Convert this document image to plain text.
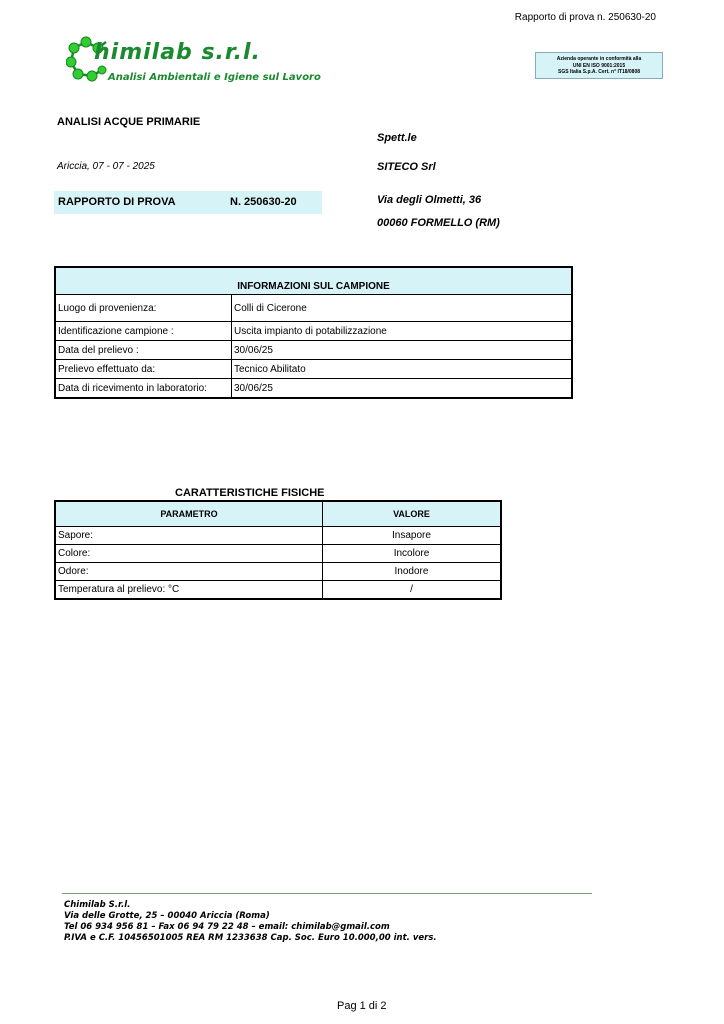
Rapporto di prova n. 250630-20
himilab s.r.l.
Analisi Ambientali e Igiene sul Lavoro
Azienda operante in conformità alla
UNI EN ISO 9001:2015
SGS Italia S.p.A. Cert. n° IT18/0808
ANALISI ACQUE PRIMARIE
Spett.le
Ariccia, 07 - 07 - 2025	SITECO Srl
RAPPORTO DI PROVA	N. 250630-20	Via degli Olmetti, 36
00060 FORMELLO (RM)
INFORMAZIONI SUL CAMPIONE	
Luogo di provenienza:	Colli di Cicerone
Identificazione campione :	Uscita impianto di potabilizzazione
Data del prelievo :	30/06/25
Prelievo effettuato da:	Tecnico Abilitato
Data di ricevimento in laboratorio:	30/06/25
CARATTERISTICHE FISICHE
PARAMETRO	VALORE
Sapore:	Insapore
Colore:	Incolore
Odore:	Inodore
Temperatura al prelievo: °C	/
Chimilab S.r.l.
Via delle Grotte, 25 – 00040 Ariccia (Roma)
Tel 06 934 956 81 – Fax 06 94 79 22 48 – email: chimilab@gmail.com
P.IVA e C.F. 10456501005 REA RM 1233638 Cap. Soc. Euro 10.000,00 int. vers.
Pag 1 di 2
